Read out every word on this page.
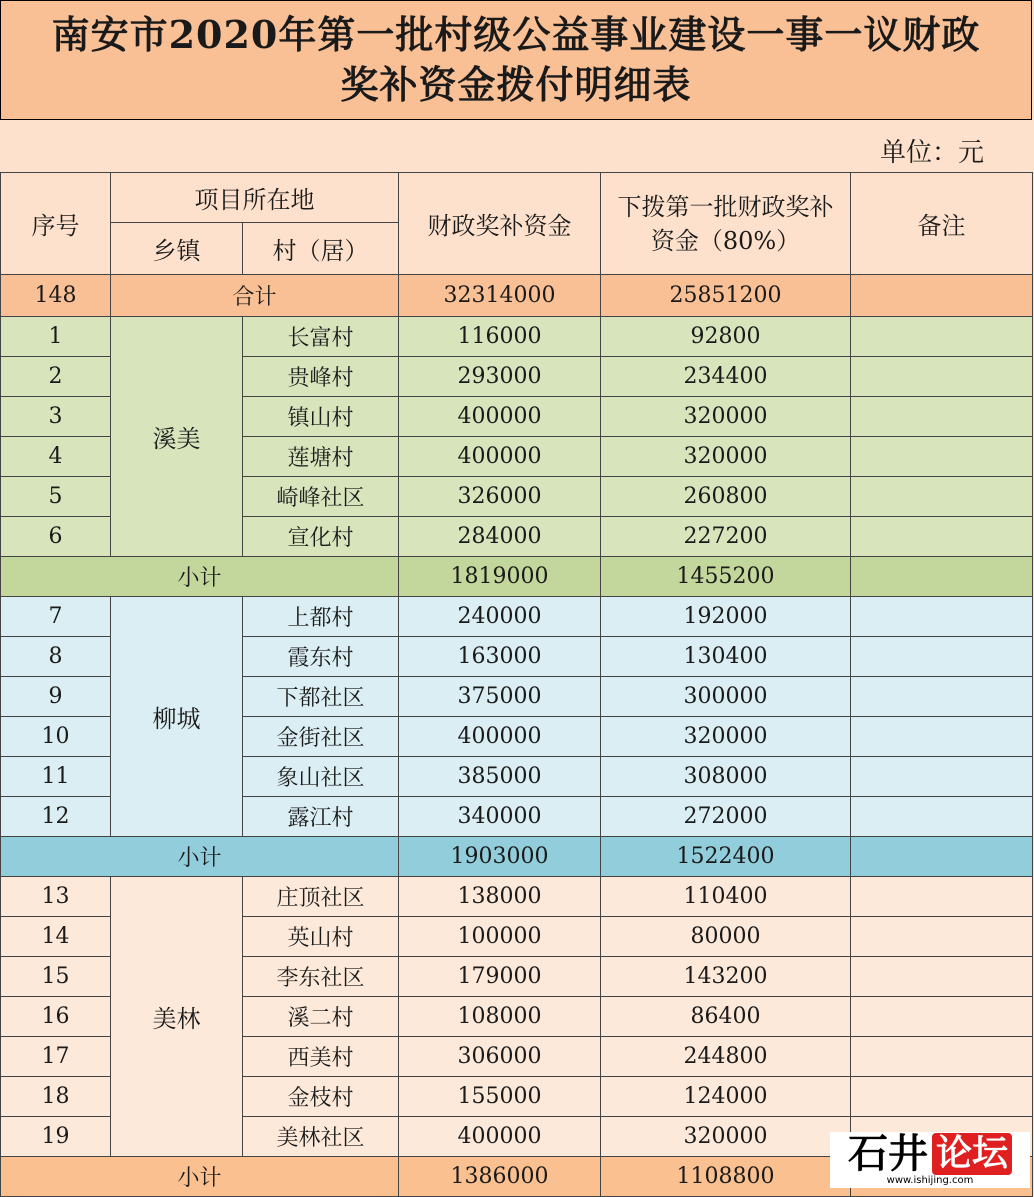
南安市2020年第一批村级公益事业建设一事一议财政
奖补资金拨付明细表
单位：元
序号	项目所在地		财政奖补资金	下拨第一批财政奖补资金（80%）	备注
	乡镇	村（居）			
148	合计		32314000	25851200	
1	溪美	长富村	116000	92800	
2		贵峰村	293000	234400	
3		镇山村	400000	320000	
4		莲塘村	400000	320000	
5		崎峰社区	326000	260800	
6		宣化村	284000	227200	
小计			1819000	1455200	
7	柳城	上都村	240000	192000	
8		霞东村	163000	130400	
9		下都社区	375000	300000	
10		金街社区	400000	320000	
11		象山社区	385000	308000	
12		露江村	340000	272000	
小计			1903000	1522400	
13	美林	庄顶社区	138000	110400	
14		英山村	100000	80000	
15		李东社区	179000	143200	
16		溪二村	108000	86400	
17		西美村	306000	244800	
18		金枝村	155000	124000	
19		美林社区	400000	320000	
小计			1386000	1108800	石井 论坛
www.ishijing.com
